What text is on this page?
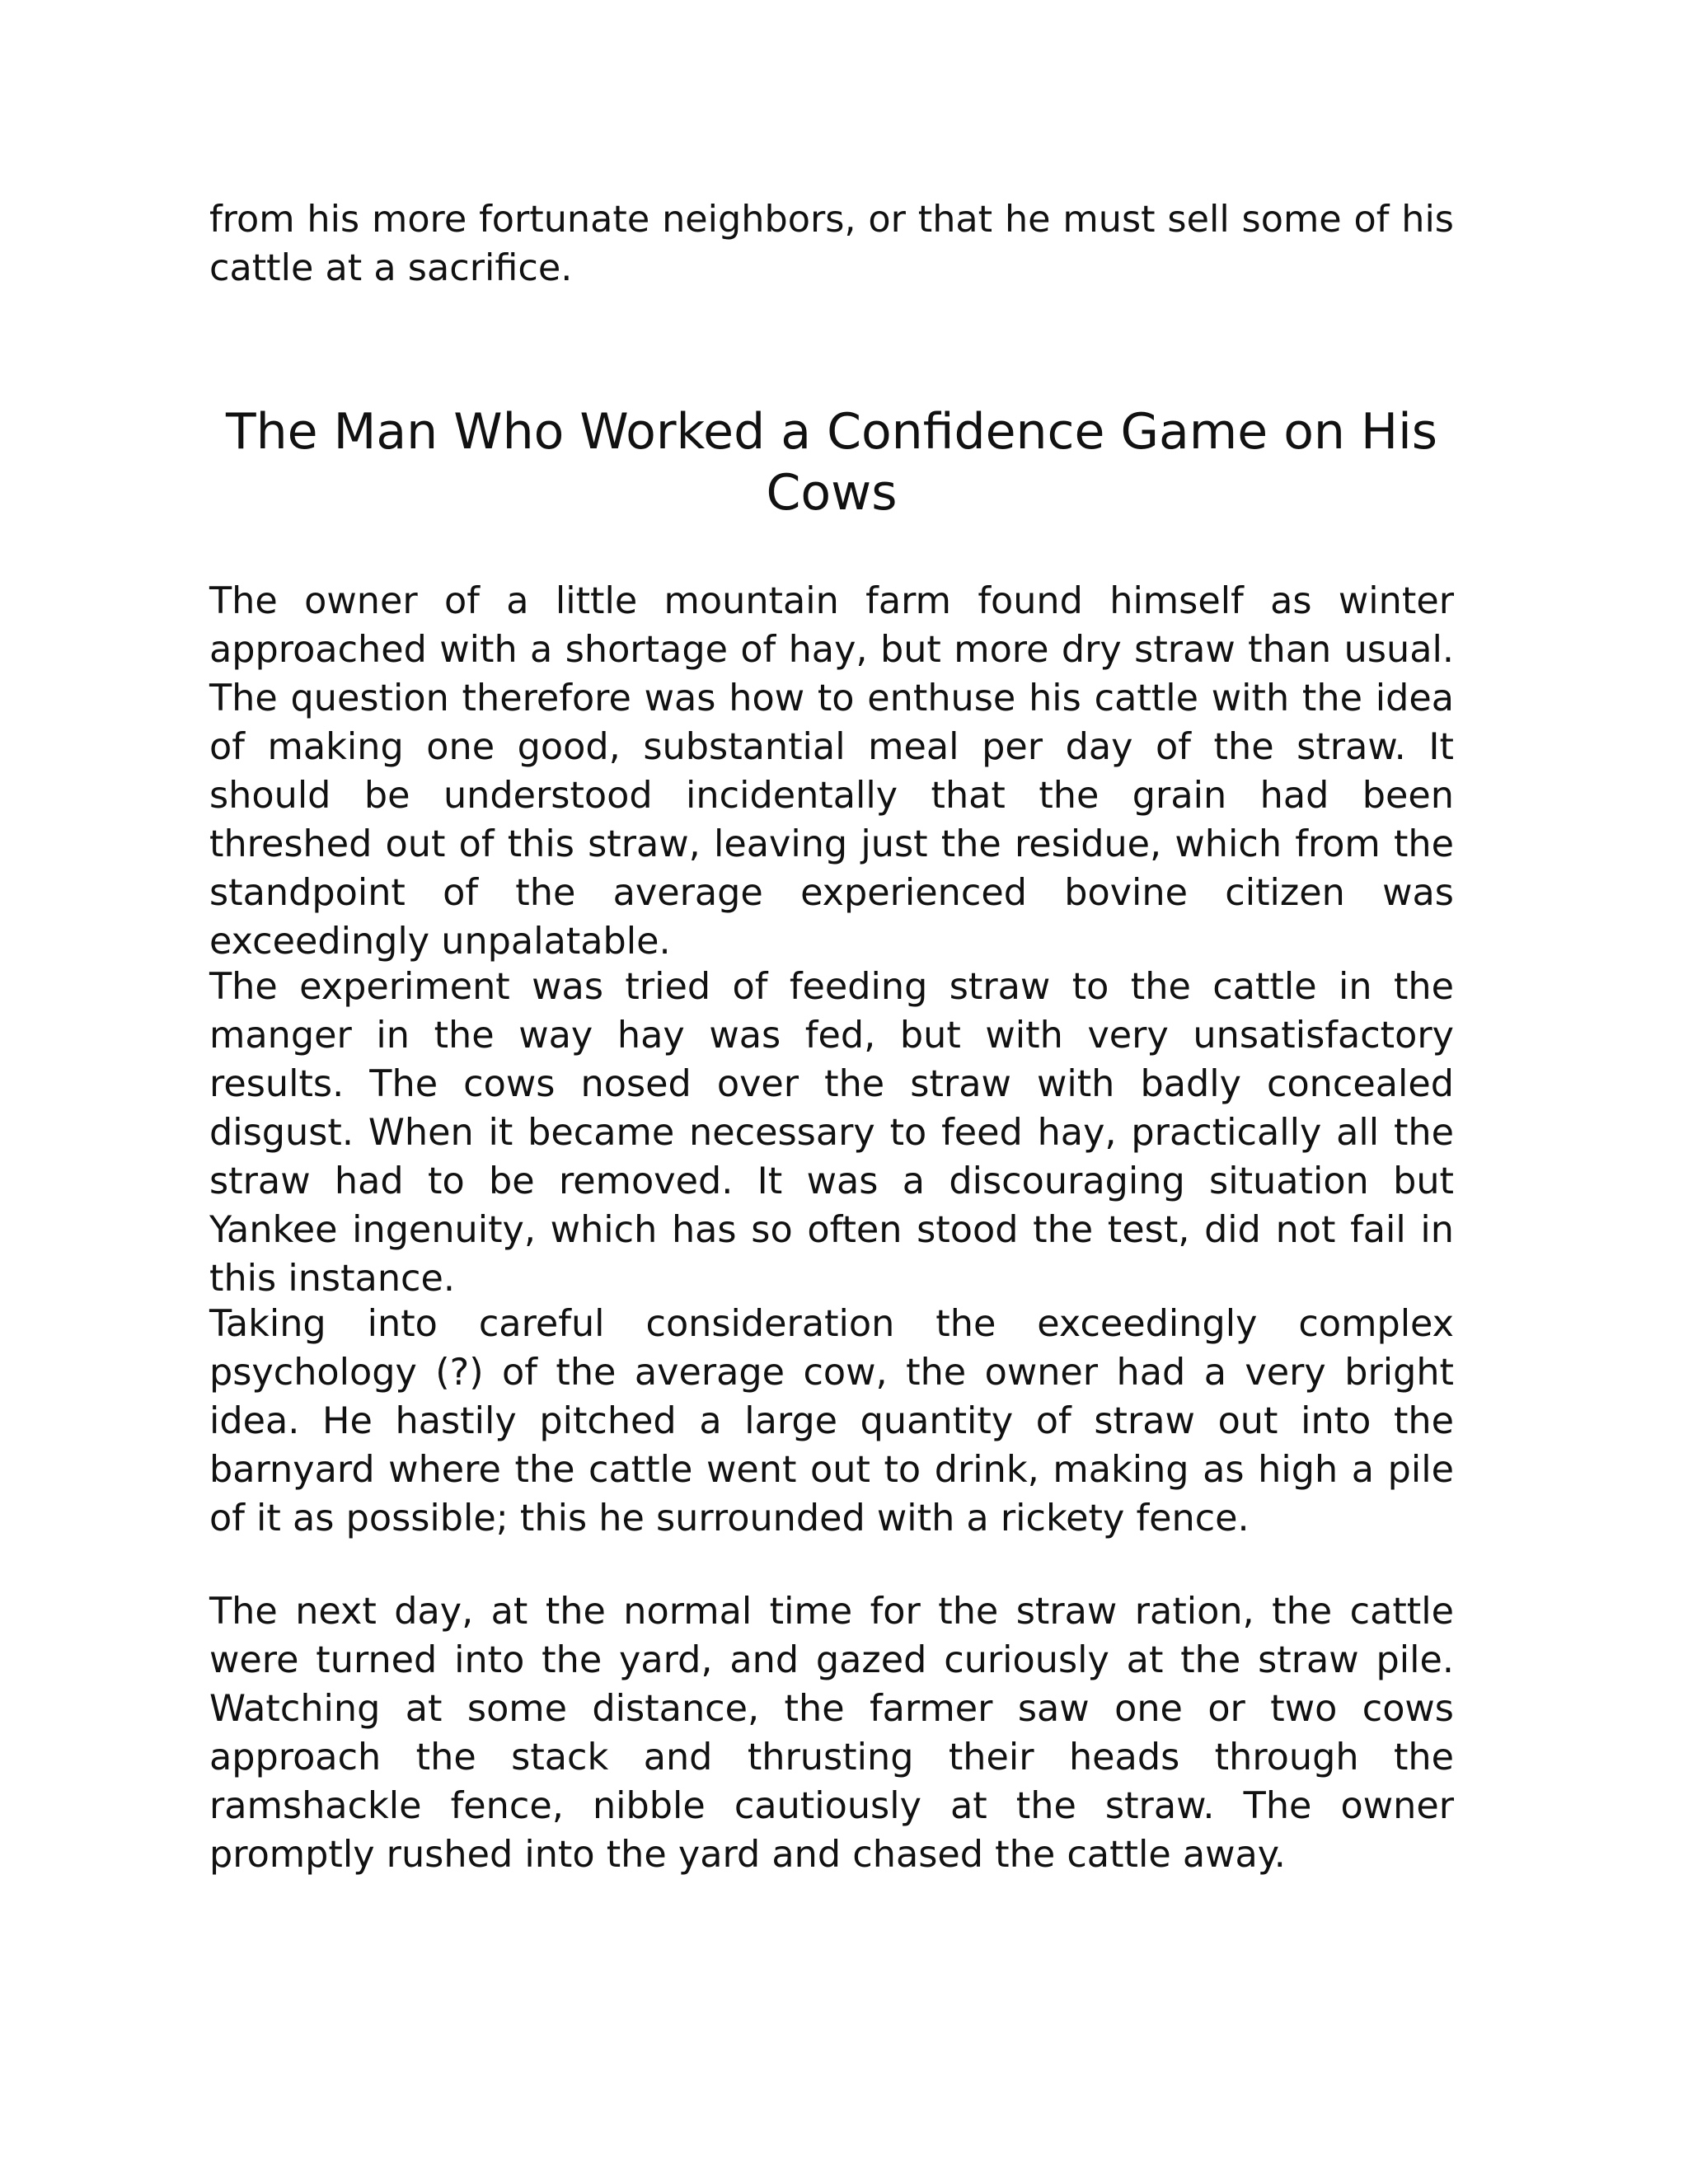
from his more fortunate neighbors, or that he must sell some of his cattle at a sacrifice.

The Man Who Worked a Confidence Game on His Cows

The owner of a little mountain farm found himself as winter approached with a shortage of hay, but more dry straw than usual. The question therefore was how to enthuse his cattle with the idea of making one good, substantial meal per day of the straw. It should be understood incidentally that the grain had been threshed out of this straw, leaving just the residue, which from the standpoint of the average experienced bovine citizen was exceedingly unpalatable.

The experiment was tried of feeding straw to the cattle in the manger in the way hay was fed, but with very unsatisfactory results. The cows nosed over the straw with badly concealed disgust. When it became necessary to feed hay, practically all the straw had to be removed. It was a discouraging situation but Yankee ingenuity, which has so often stood the test, did not fail in this instance.

Taking into careful consideration the exceedingly complex psychology (?) of the average cow, the owner had a very bright idea. He hastily pitched a large quantity of straw out into the barnyard where the cattle went out to drink, making as high a pile of it as possible; this he surrounded with a rickety fence.

The next day, at the normal time for the straw ration, the cattle were turned into the yard, and gazed curiously at the straw pile. Watching at some distance, the farmer saw one or two cows approach the stack and thrusting their heads through the ramshackle fence, nibble cautiously at the straw. The owner promptly rushed into the yard and chased the cattle away.
